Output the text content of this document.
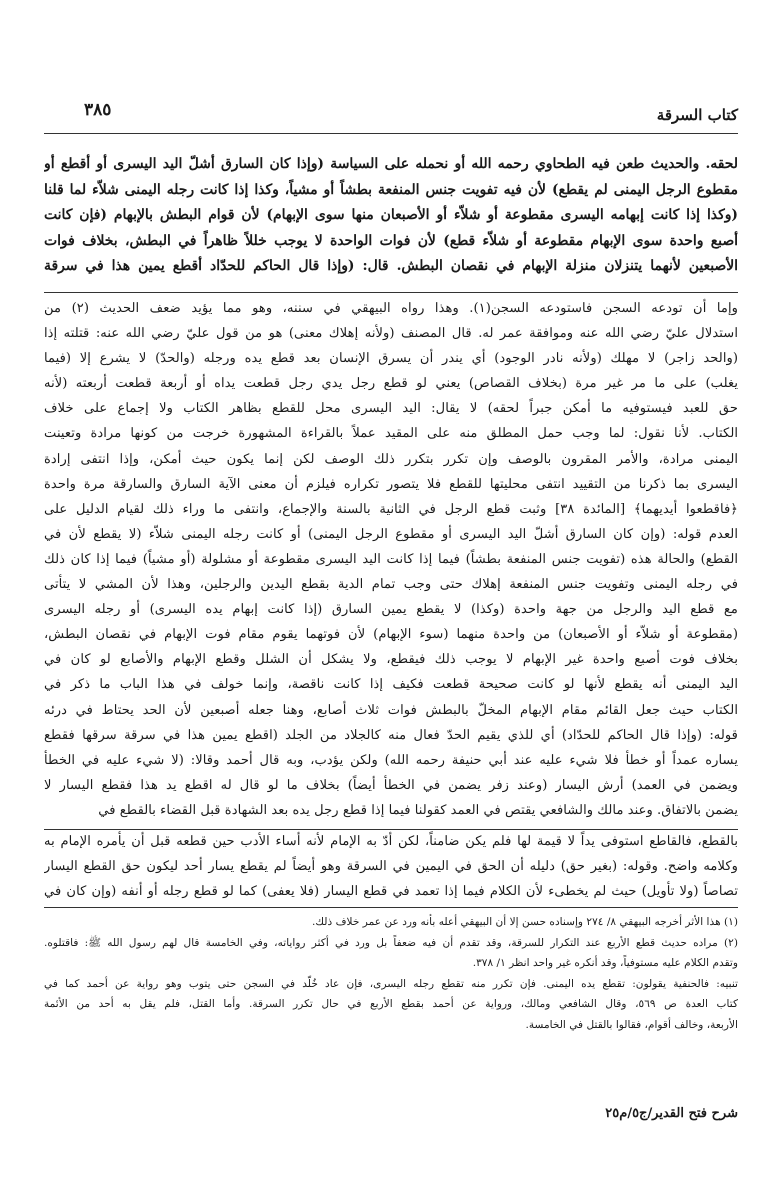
كتاب السرقة
٣٨٥
لحقه. والحديث طعن فيه الطحاوي رحمه الله أو نحمله على السياسة (وإذا كان السارق أشلّ اليد اليسرى أو أقطع أو
مقطوع الرجل اليمنى لم يقطع) لأن فيه تفويت جنس المنفعة بطشاً أو مشياً، وكذا إذا كانت رجله اليمنى شلاّء لما قلنا
(وكذا إذا كانت إبهامه اليسرى مقطوعة أو شلاّء أو الأصبعان منها سوى الإبهام) لأن قوام البطش بالإبهام (فإن كانت
أصبع واحدة سوى الإبهام مقطوعة أو شلاّء قطع) لأن فوات الواحدة لا يوجب خللاً ظاهراً في البطش، بخلاف فوات
الأصبعين لأنهما يتنزلان منزلة الإبهام في نقصان البطش. قال: (وإذا قال الحاكم للحدّاد أقطع يمين هذا في سرقة
وإما أن تودعه السجن فاستودعه السجن(١). وهذا رواه البيهقي في سننه، وهو مما يؤيد ضعف الحديث (٢) من
استدلال عليّ رضي الله عنه وموافقة عمر له. قال المصنف (ولأنه إهلاك معنى) هو من قول عليّ رضي الله عنه: قتلته إذا
(والحد زاجر) لا مهلك (ولأنه نادر الوجود) أي يندر أن يسرق الإنسان بعد قطع يده ورجله (والحدّ) لا يشرع إلا (فيما
يغلب) على ما مر غير مرة (بخلاف القصاص) يعني لو قطع رجل يدي رجل قطعت يداه أو أربعة قطعت أربعته (لأنه
حق للعبد فيستوفيه ما أمكن جبراً لحقه) لا يقال: اليد اليسرى محل للقطع بظاهر الكتاب ولا إجماع على خلاف
الكتاب. لأنا نقول: لما وجب حمل المطلق منه على المقيد عملاً بالقراءة المشهورة خرجت من كونها مرادة وتعينت
اليمنى مرادة، والأمر المقرون بالوصف وإن تكرر بتكرر ذلك الوصف لكن إنما يكون حيث أمكن، وإذا انتفى إرادة
اليسرى بما ذكرنا من التقييد انتفى محليتها للقطع فلا يتصور تكراره فيلزم أن معنى الآية السارق والسارقة مرة واحدة
﴿فاقطعوا أيديهما﴾ [المائدة ٣٨] وثبت قطع الرجل في الثانية بالسنة والإجماع، وانتفى ما وراء ذلك لقيام الدليل على
العدم قوله: (وإن كان السارق أشلّ اليد اليسرى أو مقطوع الرجل اليمنى) أو كانت رجله اليمنى شلاّء (لا يقطع لأن في
القطع) والحالة هذه (تفويت جنس المنفعة بطشاً) فيما إذا كانت اليد اليسرى مقطوعة أو مشلولة (أو مشياً) فيما إذا كان ذلك
في رجله اليمنى وتفويت جنس المنفعة إهلاك حتى وجب تمام الدية بقطع اليدين والرجلين، وهذا لأن المشي لا يتأتى
مع قطع اليد والرجل من جهة واحدة (وكذا) لا يقطع يمين السارق (إذا كانت إبهام يده اليسرى) أو رجله اليسرى
(مقطوعة أو شلاّء أو الأصبعان) من واحدة منهما (سوء الإبهام) لأن فوتهما يقوم مقام فوت الإبهام في نقصان البطش،
بخلاف فوت أصبع واحدة غير الإبهام لا يوجب ذلك فيقطع، ولا يشكل أن الشلل وقطع الإبهام والأصابع لو كان في
اليد اليمنى أنه يقطع لأنها لو كانت صحيحة قطعت فكيف إذا كانت ناقصة، وإنما خولف في هذا الباب ما ذكر في
الكتاب حيث جعل القائم مقام الإبهام المخلّ بالبطش فوات ثلاث أصابع، وهنا جعله أصبعين لأن الحد يحتاط في درئه
قوله: (وإذا قال الحاكم للحدّاد) أي للذي يقيم الحدّ فعال منه كالجلاد من الجلد (اقطع يمين هذا في سرقة سرقها فقطع
يساره عمداً أو خطأ فلا شيء عليه عند أبي حنيفة رحمه الله) ولكن يؤدب، وبه قال أحمد وقالا: (لا شيء عليه في الخطأ
ويضمن في العمد) أرش اليسار (وعند زفر يضمن في الخطأ أيضاً) بخلاف ما لو قال له اقطع يد هذا فقطع اليسار لا
يضمن بالاتفاق. وعند مالك والشافعي يقتص في العمد كقولنا فيما إذا قطع رجل يده بعد الشهادة قبل القضاء بالقطع في
بالقطع، فالقاطع استوفى يداً لا قيمة لها فلم يكن ضامناً، لكن أدّ به الإمام لأنه أساء الأدب حين قطعه قبل أن يأمره الإمام به
وكلامه واضح. وقوله: (بغير حق) دليله أن الحق في اليمين في السرقة وهو أيضاً لم يقطع يسار أحد ليكون حق القطع اليسار
تصاصاً (ولا تأويل) حيث لم يخطىء لأن الكلام فيما إذا تعمد في قطع اليسار (فلا يعفى) كما لو قطع رجله أو أنفه (وإن كان في
(١) هذا الأثر أخرجه البيهقي ٨/ ٢٧٤ وإسناده حسن إلا أن البيهقي أعله بأنه ورد عن عمر خلاف ذلك.
(٢) مراده حديث قطع الأربع عند التكرار للسرقة، وقد تقدم أن فيه ضعفاً بل ورد في أكثر رواياته، وفي الخامسة قال لهم رسول الله ﷺ: فاقتلوه.
وتقدم الكلام عليه مستوفياً، وقد أنكره غير واحد انظر ١/ ٣٧٨.
تنبيه: فالحنفية يقولون: تقطع يده اليمنى. فإن تكرر منه تقطع رجله اليسرى، فإن عاد خُلّد في السجن حتى يتوب وهو رواية عن أحمد كما في
كتاب العدة ص ٥٦٩، وقال الشافعي ومالك، ورواية عن أحمد بقطع الأربع في حال تكرر السرقة. وأما القتل، فلم يقل به أحد من الأئمة
الأربعة، وخالف أقوام، فقالوا بالقتل في الخامسة.
شرح فتح القدير/ج٥/م٢٥
